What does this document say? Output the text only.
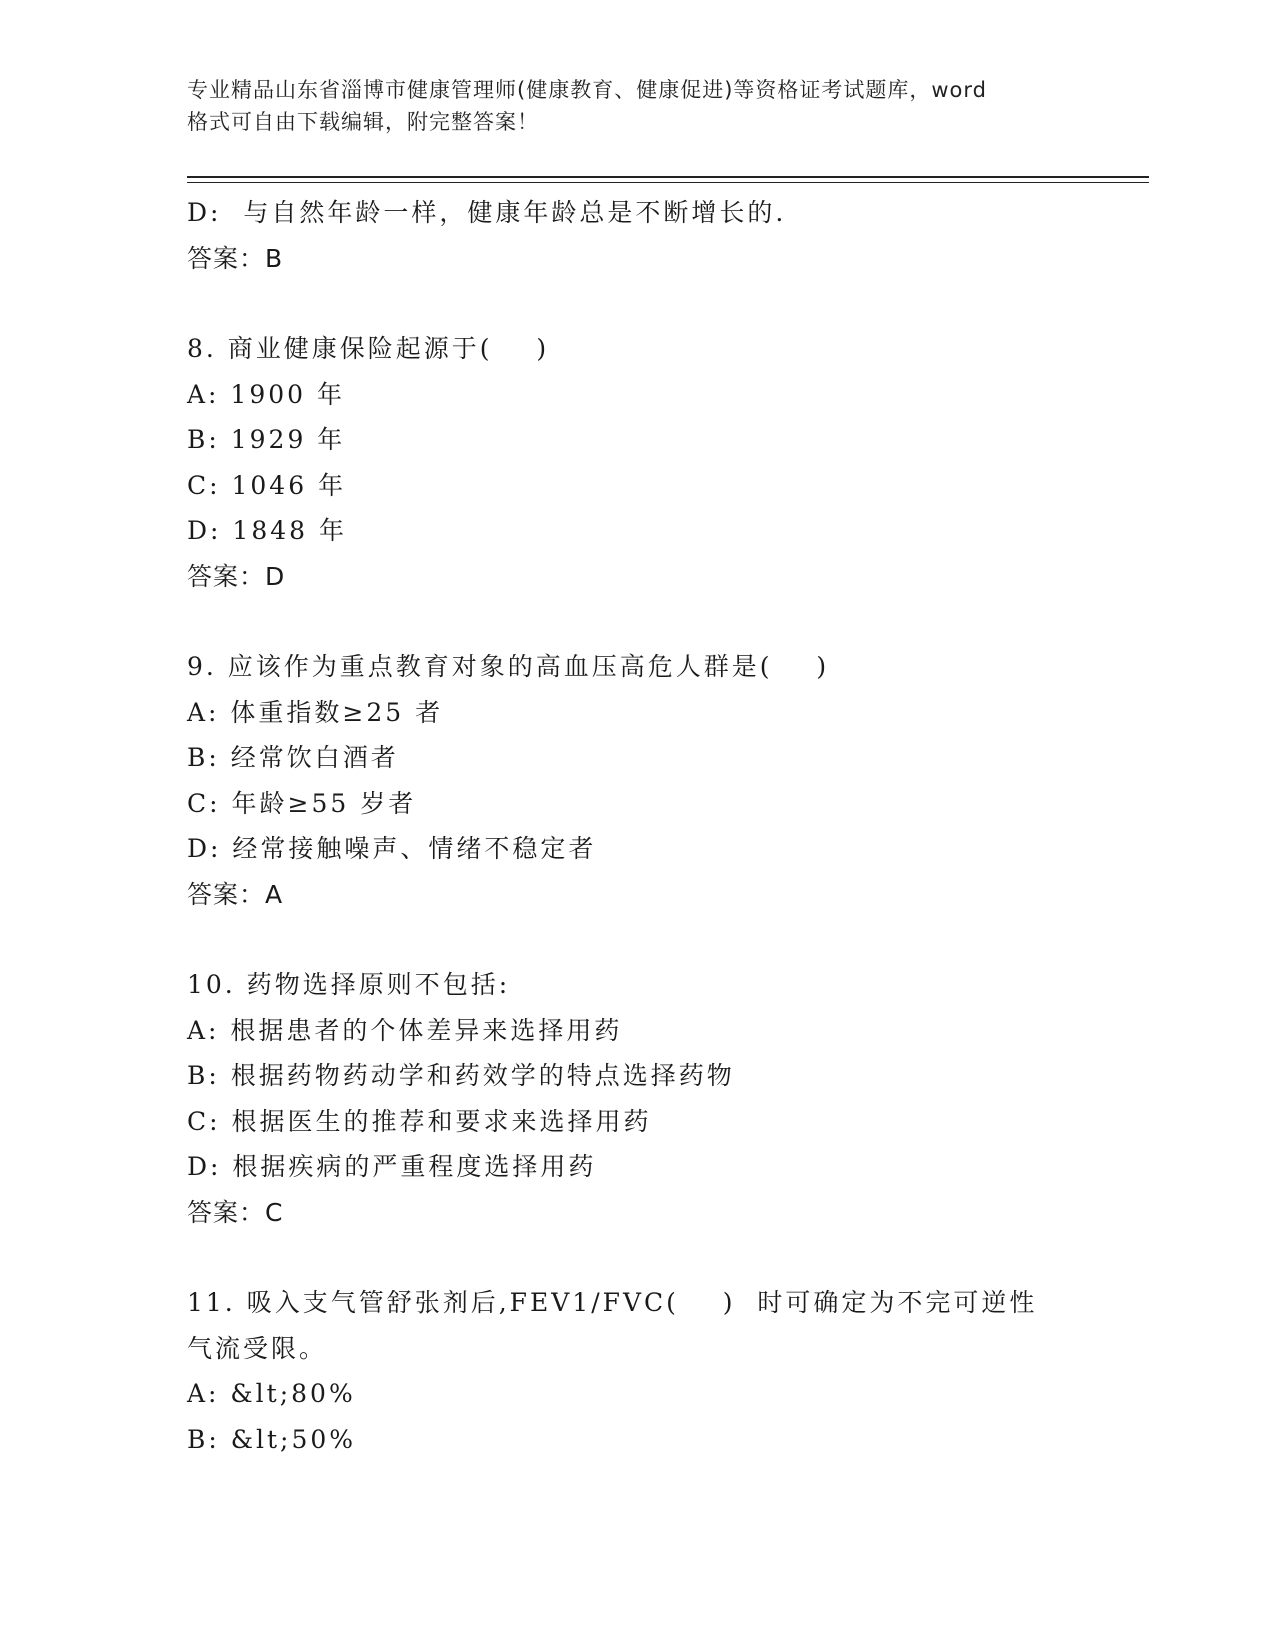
专业精品山东省淄博市健康管理师(健康教育、健康促进)等资格证考试题库，word
格式可自由下载编辑，附完整答案！
D:  与自然年龄一样，健康年龄总是不断增长的.
答案：B
8. 商业健康保险起源于(    )
A: 1900 年
B: 1929 年
C: 1046 年
D: 1848 年
答案：D
9. 应该作为重点教育对象的高血压高危人群是(    )
A: 体重指数≥25 者
B: 经常饮白酒者
C: 年龄≥55 岁者
D: 经常接触噪声、情绪不稳定者
答案：A
10. 药物选择原则不包括:
A: 根据患者的个体差异来选择用药
B: 根据药物药动学和药效学的特点选择药物
C: 根据医生的推荐和要求来选择用药
D: 根据疾病的严重程度选择用药
答案：C
11. 吸入支气管舒张剂后,FEV1/FVC(    )  时可确定为不完可逆性
气流受限。
A: &lt;80%
B: &lt;50%
